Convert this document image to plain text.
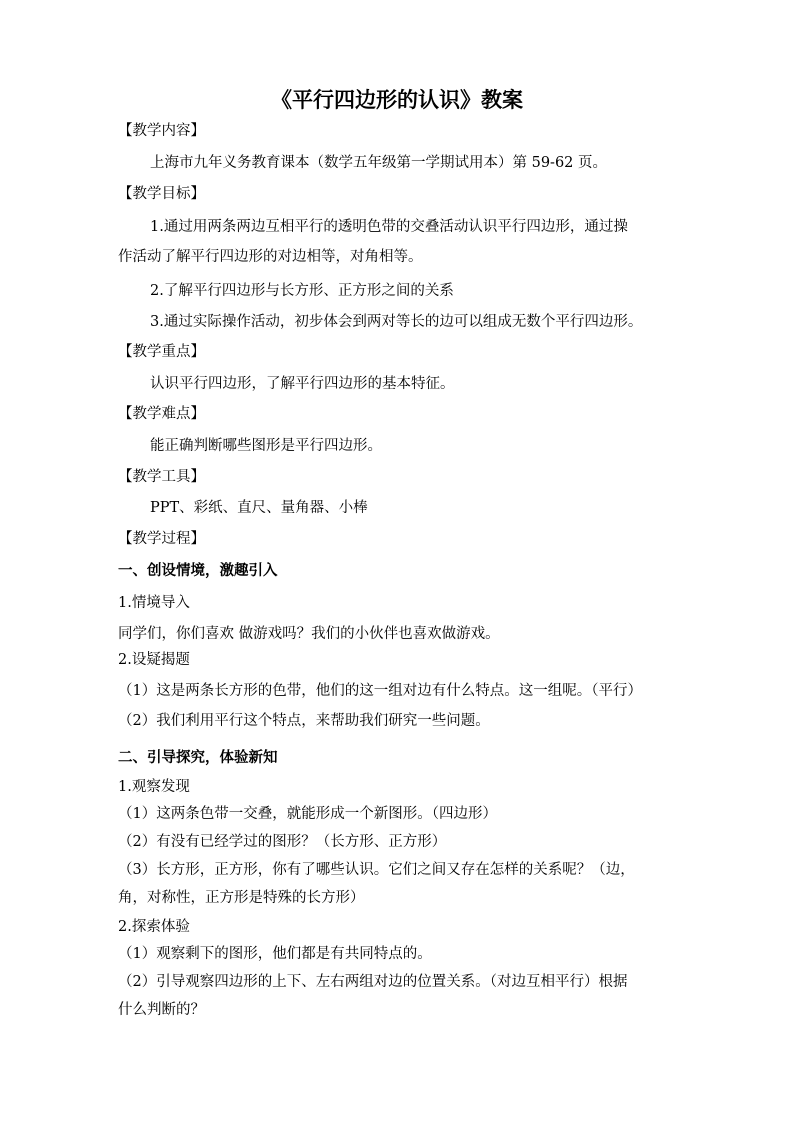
《平行四边形的认识》教案
【教学内容】
上海市九年义务教育课本（数学五年级第一学期试用本）第 59-62 页。
【教学目标】
1.通过用两条两边互相平行的透明色带的交叠活动认识平行四边形，通过操
作活动了解平行四边形的对边相等，对角相等。
2.了解平行四边形与长方形、正方形之间的关系
3.通过实际操作活动，初步体会到两对等长的边可以组成无数个平行四边形。
【教学重点】
认识平行四边形，了解平行四边形的基本特征。
【教学难点】
能正确判断哪些图形是平行四边形。
【教学工具】
PPT、彩纸、直尺、量角器、小棒
【教学过程】
一、创设情境，激趣引入
1.情境导入
同学们，你们喜欢 做游戏吗？我们的小伙伴也喜欢做游戏。
2.设疑揭题
（1）这是两条长方形的色带，他们的这一组对边有什么特点。这一组呢。（平行）
（2）我们利用平行这个特点，来帮助我们研究一些问题。
二、引导探究，体验新知
1.观察发现
（1）这两条色带一交叠，就能形成一个新图形。（四边形）
（2）有没有已经学过的图形？（长方形、正方形）
（3）长方形，正方形，你有了哪些认识。它们之间又存在怎样的关系呢？（边，
角，对称性，正方形是特殊的长方形）
2.探索体验
（1）观察剩下的图形，他们都是有共同特点的。
（2）引导观察四边形的上下、左右两组对边的位置关系。（对边互相平行）根据
什么判断的？
